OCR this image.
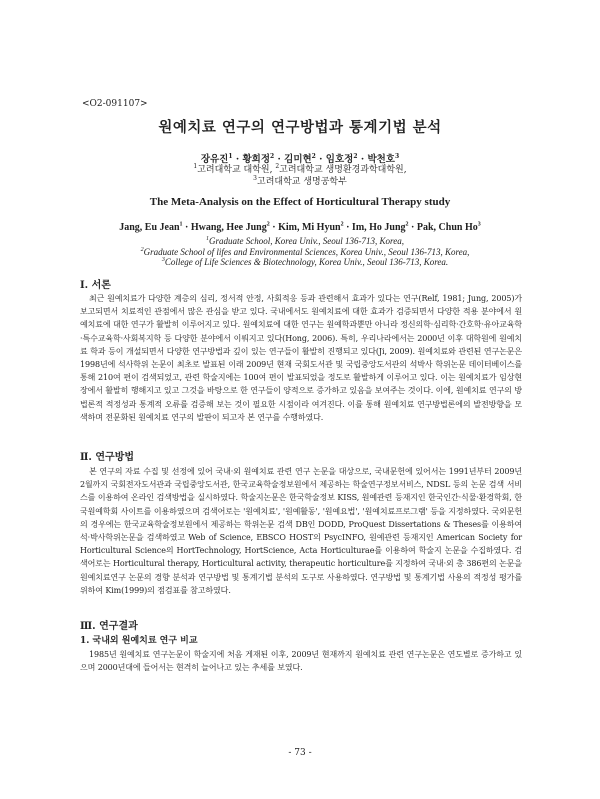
<O2-091107>
원예치료 연구의 연구방법과 통계기법 분석
장유진$^1$ · 황희정$^2$ · 김미현$^2$ · 임호정$^2$ · 박천호$^3$
$^1$고려대학교 대학원, $^2$고려대학교 생명환경과학대학원,
$^3$고려대학교 생명공학부
The Meta-Analysis on the Effect of Horticultural Therapy study
Jang, Eu Jean$^1$ · Hwang, Hee Jung$^2$ · Kim, Mi Hyun$^2$ · Im, Ho Jung$^2$ · Pak, Chun Ho$^3$
$^1$Graduate School, Korea Univ., Seoul 136-713, Korea,
$^2$Graduate School of lifes and Environmental Sciences, Korea Univ., Seoul 136-713, Korea,
$^3$College of Life Sciences & Biotechnology, Korea Univ., Seoul 136-713, Korea.
Ⅰ. 서론
최근 원예치료가 다양한 계층의 심리, 정서적 안정, 사회적응 등과 관련해서 효과가 있다는 연구(Relf, 1981; Jung, 2005)가 보고되면서 치료적인 관점에서 많은 관심을 받고 있다. 국내에서도 원예치료에 대한 효과가 검증되면서 다양한 적용 분야에서 원예치료에 대한 연구가 활발히 이루어지고 있다. 원예치료에 대한 연구는 원예학과뿐만 아니라 정신의학·심리학·간호학·유아교육학·특수교육학·사회복지학 등 다양한 분야에서 이뤄지고 있다(Hong, 2006). 특히, 우리나라에서는 2000년 이후 대학원에 원예치료 학과 등이 개설되면서 다양한 연구방법과 깊이 있는 연구들이 활발히 진행되고 있다(Ji, 2009). 원예치료와 관련된 연구논문은 1998년에 석사학위 논문이 최초로 발표된 이래 2009년 현재 국회도서관 및 국립중앙도서관의 석박사 학위논문 데이터베이스를 통해 210여 편이 검색되었고, 관련 학술지에는 100여 편이 발표되었을 정도로 활발하게 이루어고 있다. 이는 원예치료가 임상현장에서 활발히 행해지고 있고 그것을 바탕으로 한 연구들이 양적으로 증가하고 있음을 보여주는 것이다. 이에, 원예치료 연구의 방법론적 적정성과 통계적 오류를 검증해 보는 것이 필요한 시점이라 여겨진다. 이를 통해 원예치료 연구방법론에의 발전방향을 모색하며 전문화된 원예치료 연구의 발판이 되고자 본 연구를 수행하였다.
Ⅱ. 연구방법
본 연구의 자료 수집 및 선정에 있어 국내·외 원예치료 관련 연구 논문을 대상으로, 국내문헌에 있어서는 1991년부터 2009년 2월까지 국회전자도서관과 국립중앙도서관, 한국교육학술정보원에서 제공하는 학술연구정보서비스, NDSL 등의 논문 검색 서비스를 이용하여 온라인 검색방법을 실시하였다. 학술지논문은 한국학술정보 KISS, 원예관련 등재지인 한국인간·식물·환경학회, 한국원예학회 사이트를 이용하였으며 검색어로는 '원예치료', '원예활동', '원예요법', '원예치료프로그램' 등을 지정하였다. 국외문헌의 경우에는 한국교육학술정보원에서 제공하는 학위논문 검색 DB인 DODD, ProQuest Dissertations & Theses를 이용하여 석·박사학위논문을 검색하였고 Web of Science, EBSCO HOST의 PsycINFO, 원예관련 등재지인 American Society for Horticultural Science의 HortTechnology, HortScience, Acta Horticulturae를 이용하여 학술지 논문을 수집하였다. 검색어로는 Horticultural therapy, Horticultural activity, therapeutic horticulture를 지정하여 국내·외 총 386편의 논문을 원예치료연구 논문의 경향 분석과 연구방법 및 통계기법 분석의 도구로 사용하였다. 연구방법 및 통계기법 사용의 적정성 평가를 위하여 Kim(1999)의 점검표를 참고하였다.
Ⅲ. 연구결과
1. 국내외 원예치료 연구 비교
1985년 원예치료 연구논문이 학술지에 처음 게재된 이후, 2009년 현재까지 원예치료 관련 연구논문은 연도별로 증가하고 있으며 2000년대에 들어서는 현격히 늘어나고 있는 추세를 보였다.
- 73 -
